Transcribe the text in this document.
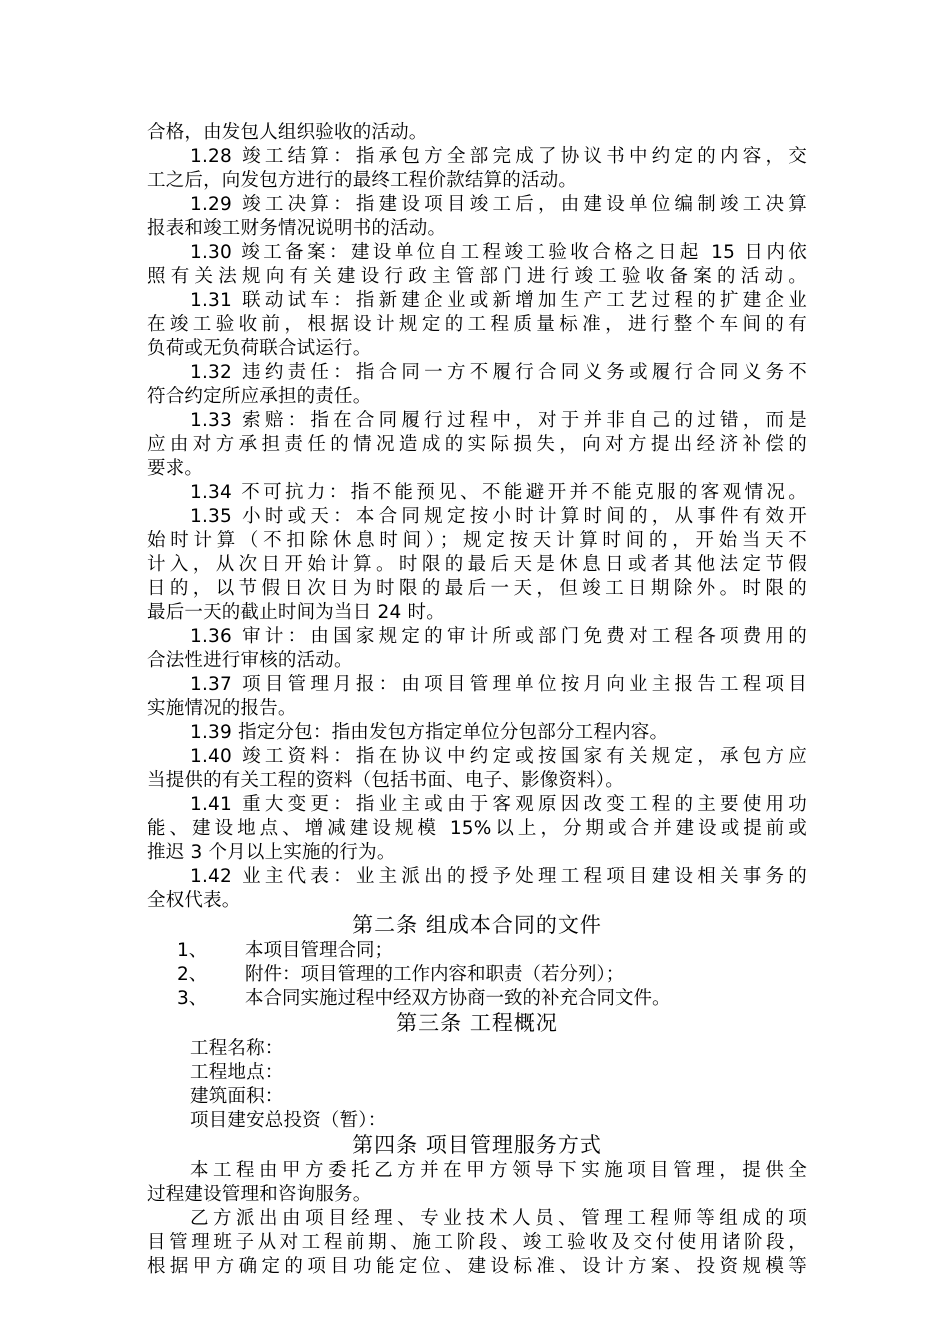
合格，由发包人组织验收的活动。
1.28 竣工结算：指承包方全部完成了协议书中约定的内容，交
工之后，向发包方进行的最终工程价款结算的活动。
1.29 竣工决算：指建设项目竣工后，由建设单位编制竣工决算
报表和竣工财务情况说明书的活动。
1.30 竣工备案：建设单位自工程竣工验收合格之日起 15 日内依
照有关法规向有关建设行政主管部门进行竣工验收备案的活动。
1.31 联动试车：指新建企业或新增加生产工艺过程的扩建企业
在竣工验收前，根据设计规定的工程质量标准，进行整个车间的有
负荷或无负荷联合试运行。
1.32 违约责任：指合同一方不履行合同义务或履行合同义务不
符合约定所应承担的责任。
1.33 索赔：指在合同履行过程中，对于并非自己的过错，而是
应由对方承担责任的情况造成的实际损失，向对方提出经济补偿的
要求。
1.34 不可抗力：指不能预见、不能避开并不能克服的客观情况。
1.35 小时或天：本合同规定按小时计算时间的，从事件有效开
始时计算（不扣除休息时间）；规定按天计算时间的，开始当天不
计入，从次日开始计算。时限的最后天是休息日或者其他法定节假
日的，以节假日次日为时限的最后一天，但竣工日期除外。时限的
最后一天的截止时间为当日 24 时。
1.36 审计：由国家规定的审计所或部门免费对工程各项费用的
合法性进行审核的活动。
1.37 项目管理月报：由项目管理单位按月向业主报告工程项目
实施情况的报告。
1.39 指定分包：指由发包方指定单位分包部分工程内容。
1.40 竣工资料：指在协议中约定或按国家有关规定，承包方应
当提供的有关工程的资料（包括书面、电子、影像资料）。
1.41 重大变更：指业主或由于客观原因改变工程的主要使用功
能、建设地点、增减建设规模 15%以上，分期或合并建设或提前或
推迟 3 个月以上实施的行为。
1.42 业主代表：业主派出的授予处理工程项目建设相关事务的
全权代表。
第二条 组成本合同的文件
1、 本项目管理合同；
2、 附件：项目管理的工作内容和职责（若分列）；
3、 本合同实施过程中经双方协商一致的补充合同文件。
第三条 工程概况
工程名称：
工程地点：
建筑面积：
项目建安总投资（暂）：
第四条 项目管理服务方式
本工程由甲方委托乙方并在甲方领导下实施项目管理，提供全
过程建设管理和咨询服务。
乙方派出由项目经理、专业技术人员、管理工程师等组成的项
目管理班子从对工程前期、施工阶段、竣工验收及交付使用诸阶段，
根据甲方确定的项目功能定位、建设标准、设计方案、投资规模等
